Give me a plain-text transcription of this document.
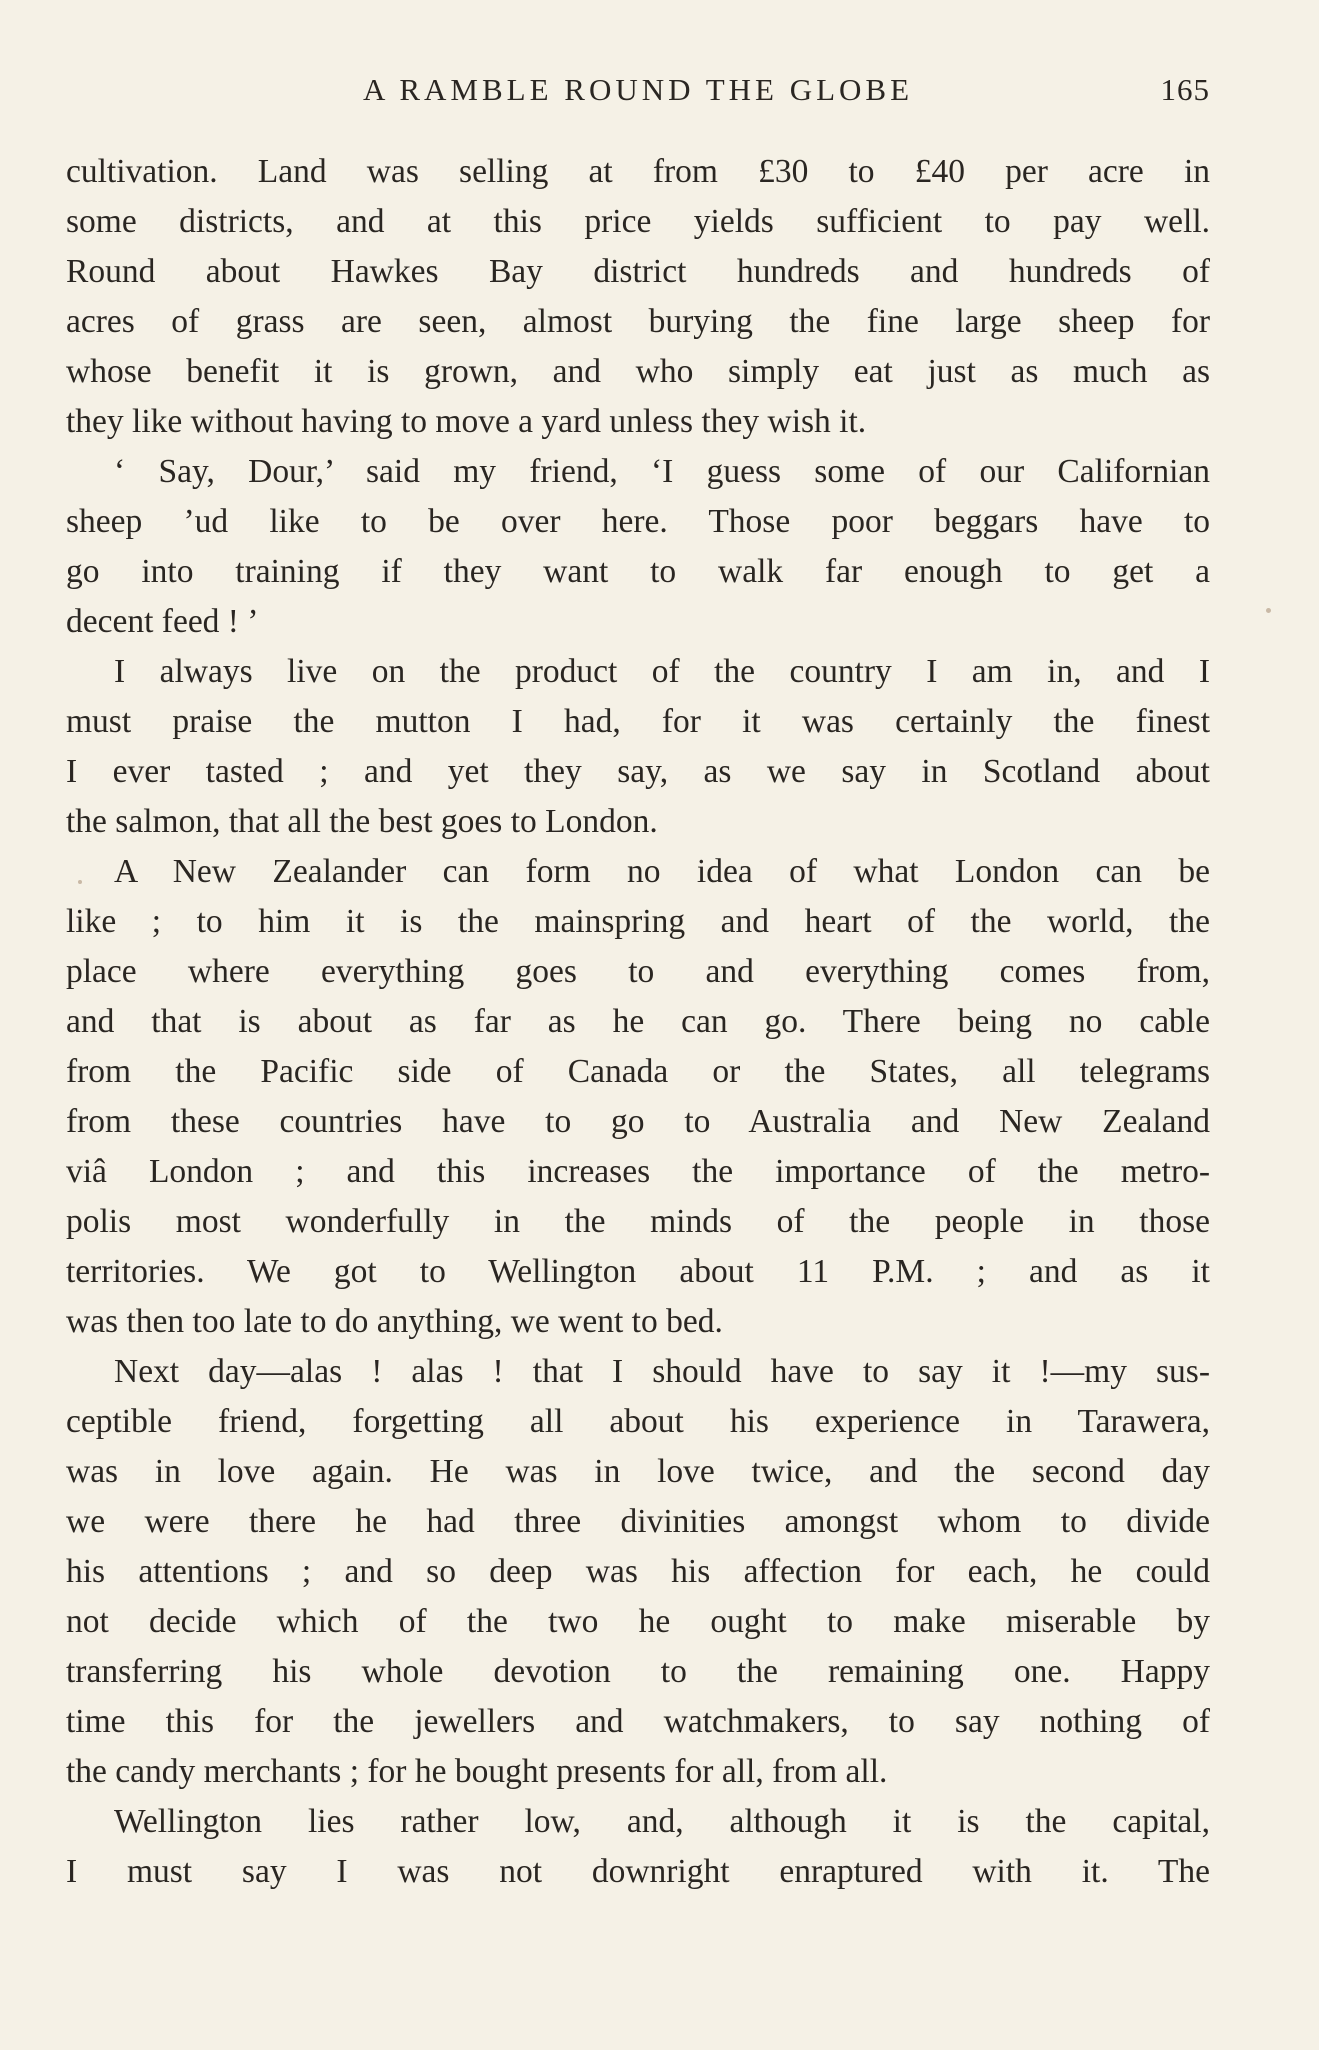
A RAMBLE ROUND THE GLOBE	165
cultivation. Land was selling at from £30 to £40 per acre in
some districts, and at this price yields sufficient to pay well.
Round about Hawkes Bay district hundreds and hundreds of
acres of grass are seen, almost burying the fine large sheep for
whose benefit it is grown, and who simply eat just as much as
they like without having to move a yard unless they wish it.
‘ Say, Dour,’ said my friend, ‘I guess some of our Californian
sheep ’ud like to be over here. Those poor beggars have to
go into training if they want to walk far enough to get a
decent feed ! ’
I always live on the product of the country I am in, and I
must praise the mutton I had, for it was certainly the finest
I ever tasted ; and yet they say, as we say in Scotland about
the salmon, that all the best goes to London.
A New Zealander can form no idea of what London can be
like ; to him it is the mainspring and heart of the world, the
place where everything goes to and everything comes from,
and that is about as far as he can go. There being no cable
from the Pacific side of Canada or the States, all telegrams
from these countries have to go to Australia and New Zealand
viâ London ; and this increases the importance of the metro-
polis most wonderfully in the minds of the people in those
territories. We got to Wellington about 11 P.M. ; and as it
was then too late to do anything, we went to bed.
Next day—alas ! alas ! that I should have to say it !—my sus-
ceptible friend, forgetting all about his experience in Tarawera,
was in love again. He was in love twice, and the second day
we were there he had three divinities amongst whom to divide
his attentions ; and so deep was his affection for each, he could
not decide which of the two he ought to make miserable by
transferring his whole devotion to the remaining one. Happy
time this for the jewellers and watchmakers, to say nothing of
the candy merchants ; for he bought presents for all, from all.
Wellington lies rather low, and, although it is the capital,
I must say I was not downright enraptured with it. The
